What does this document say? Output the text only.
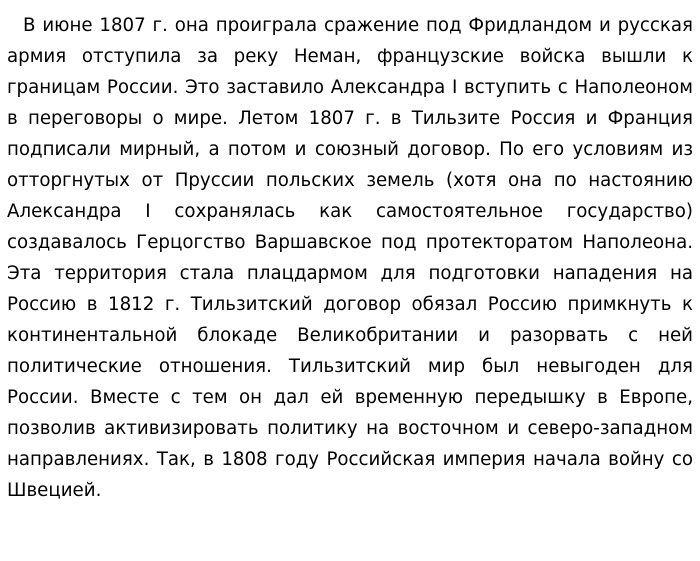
В июне 1807 г. она проиграла сражение под Фридландом и русская армия отступила за реку Неман, французские войска вышли к границам России. Это заставило Александра I вступить с Наполеоном в переговоры о мире. Летом 1807 г. в Тильзите Россия и Франция подписали мирный, а потом и союзный договор. По его условиям из отторгнутых от Пруссии польских земель (хотя она по настоянию Александра I сохранялась как самостоятельное государство) создавалось Герцогство Варшавское под протекторатом Наполеона. Эта территория стала плацдармом для подготовки нападения на Россию в 1812 г. Тильзитский договор обязал Россию примкнуть к континентальной блокаде Великобритании и разорвать с ней политические отношения. Тильзитский мир был невыгоден для России. Вместе с тем он дал ей временную передышку в Европе, позволив активизировать политику на восточном и северо-западном направлениях. Так, в 1808 году Российская империя начала войну со Швецией.
